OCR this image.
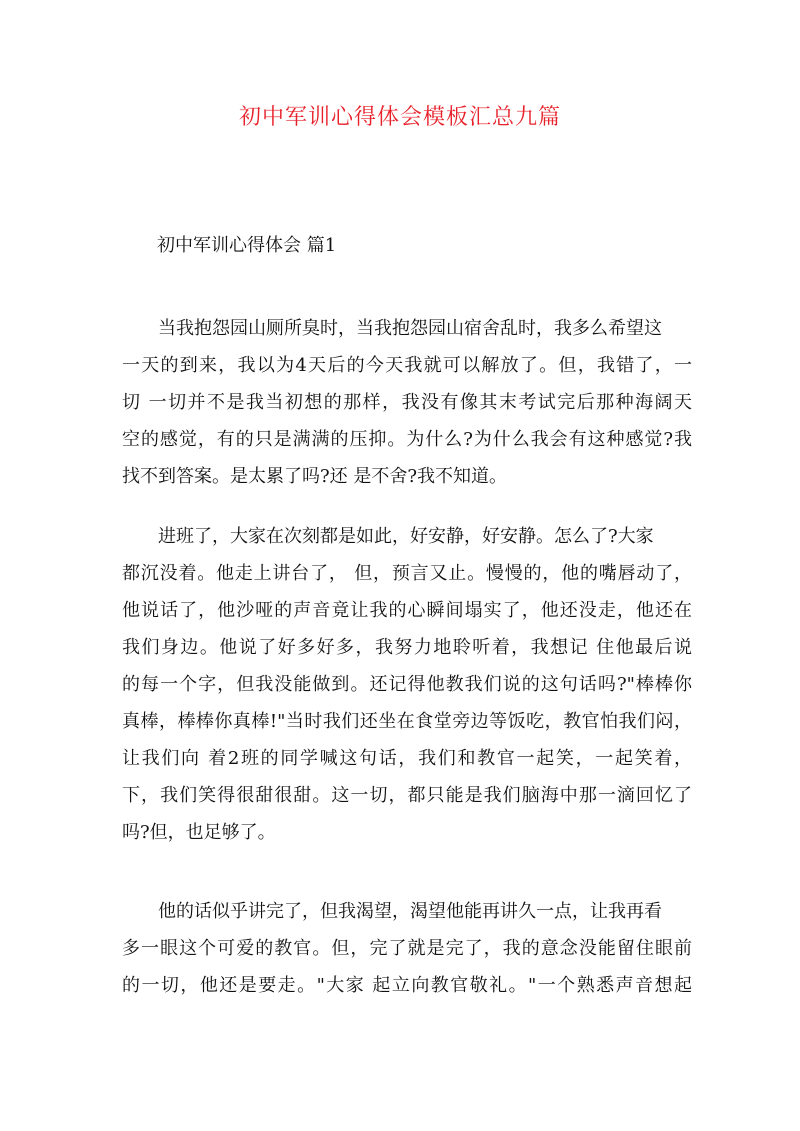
初中军训心得体会模板汇总九篇
初中军训心得体会 篇1
当我抱怨园山厕所臭时，当我抱怨园山宿舍乱时，我多么希望这
一天的到来，我以为4天后的今天我就可以解放了。但，我错了，一
切 一切并不是我当初想的那样，我没有像其末考试完后那种海阔天
空的感觉，有的只是满满的压抑。为什么?为什么我会有这种感觉?我
找不到答案。是太累了吗?还 是不舍?我不知道。
进班了，大家在次刻都是如此，好安静，好安静。怎么了?大家
都沉没着。他走上讲台了， 但，预言又止。慢慢的，他的嘴唇动了，
他说话了，他沙哑的声音竟让我的心瞬间塌实了，他还没走，他还在
我们身边。他说了好多好多，我努力地聆听着，我想记 住他最后说
的每一个字，但我没能做到。还记得他教我们说的这句话吗?"棒棒你
真棒，棒棒你真棒!"当时我们还坐在食堂旁边等饭吃，教官怕我们闷，
让我们向 着2班的同学喊这句话，我们和教官一起笑，一起笑着，
下，我们笑得很甜很甜。这一切，都只能是我们脑海中那一滴回忆了
吗?但，也足够了。
他的话似乎讲完了，但我渴望，渴望他能再讲久一点，让我再看
多一眼这个可爱的教官。但，完了就是完了，我的意念没能留住眼前
的一切，他还是要走。"大家 起立向教官敬礼。"一个熟悉声音想起
